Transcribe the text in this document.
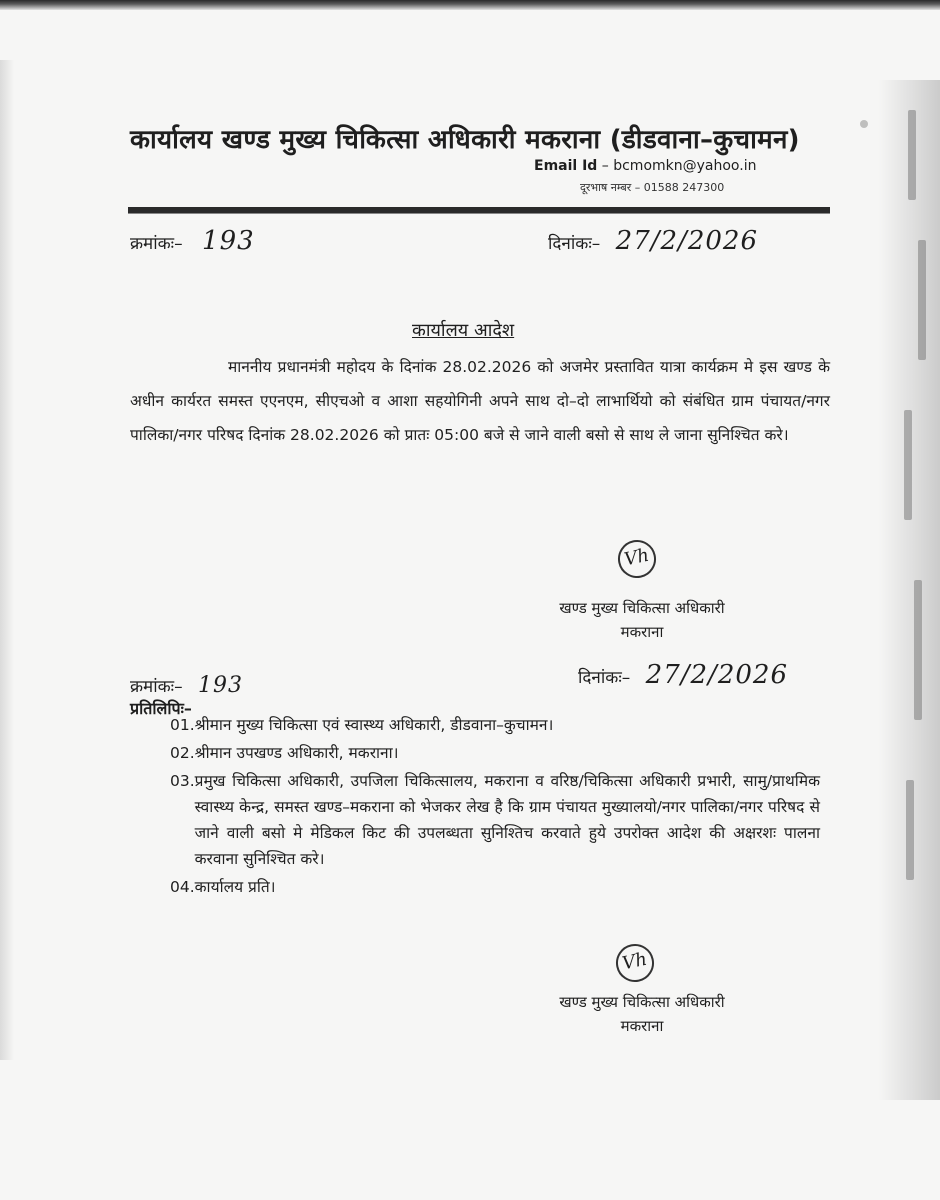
कार्यालय खण्ड मुख्य चिकित्सा अधिकारी मकराना (डीडवाना–कुचामन)
Email Id – bcmomkn@yahoo.in
दूरभाष नम्बर – 01588 247300
क्रमांकः– 193	दिनांकः– 27/2/2026
कार्यालय आदेश

माननीय प्रधानमंत्री महोदय के दिनांक 28.02.2026 को अजमेर प्रस्तावित यात्रा कार्यक्रम मे इस खण्ड के अधीन कार्यरत समस्त एएनएम, सीएचओ व आशा सहयोगिनी अपने साथ दो–दो लाभार्थियो को संबंधित ग्राम पंचायत/नगर पालिका/नगर परिषद दिनांक 28.02.2026 को प्रातः 05:00 बजे से जाने वाली बसो से साथ ले जाना सुनिश्चित करे।

Vh
खण्ड मुख्य चिकित्सा अधिकारी
मकराना
दिनांकः– 27/2/2026
क्रमांकः– 193
प्रतिलिपिः–
01. श्रीमान मुख्य चिकित्सा एवं स्वास्थ्य अधिकारी, डीडवाना–कुचामन।
02. श्रीमान उपखण्ड अधिकारी, मकराना।
03. प्रमुख चिकित्सा अधिकारी, उपजिला चिकित्सालय, मकराना व वरिष्ठ/चिकित्सा अधिकारी प्रभारी, सामु/प्राथमिक स्वास्थ्य केन्द्र, समस्त खण्ड–मकराना को भेजकर लेख है कि ग्राम पंचायत मुख्यालयो/नगर पालिका/नगर परिषद से जाने वाली बसो मे मेडिकल किट की उपलब्धता सुनिश्तिच करवाते हुये उपरोक्त आदेश की अक्षरशः पालना करवाना सुनिश्चित करे।
04. कार्यालय प्रति।
Vh
खण्ड मुख्य चिकित्सा अधिकारी
मकराना
